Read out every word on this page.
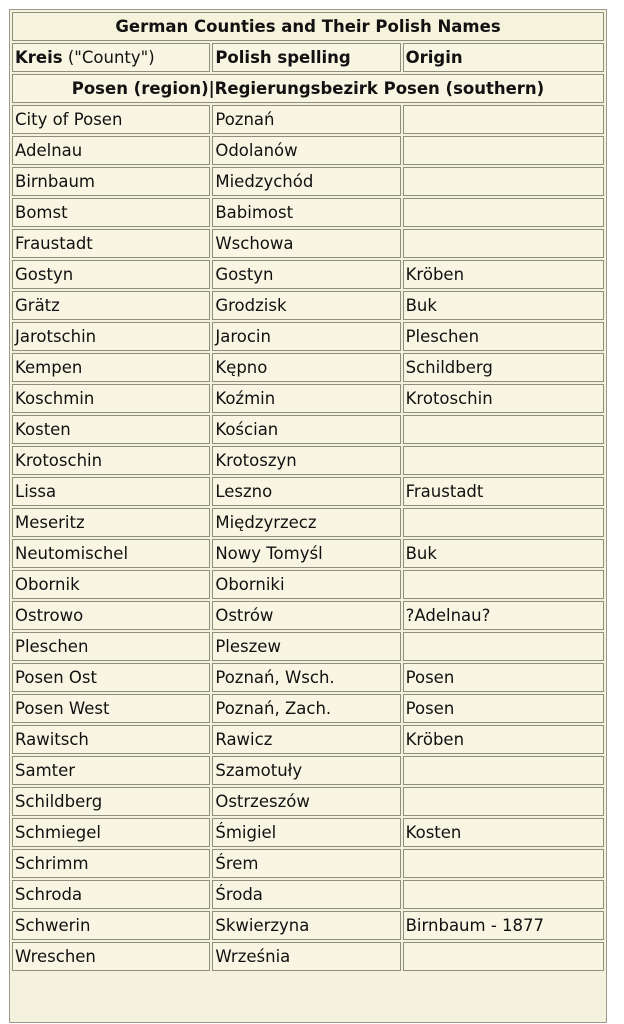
German Counties and Their Polish Names		
Kreis ("County")	Polish spelling	Origin
Posen (region)|Regierungsbezirk Posen (southern)		
City of Posen	Poznań	
Adelnau	Odolanów	
Birnbaum	Miedzychód	
Bomst	Babimost	
Fraustadt	Wschowa	
Gostyn	Gostyn	Kröben
Grätz	Grodzisk	Buk
Jarotschin	Jarocin	Pleschen
Kempen	Kępno	Schildberg
Koschmin	Koźmin	Krotoschin
Kosten	Kościan	
Krotoschin	Krotoszyn	
Lissa	Leszno	Fraustadt
Meseritz	Międzyrzecz	
Neutomischel	Nowy Tomyśl	Buk
Obornik	Oborniki	
Ostrowo	Ostrów	?Adelnau?
Pleschen	Pleszew	
Posen Ost	Poznań, Wsch.	Posen
Posen West	Poznań, Zach.	Posen
Rawitsch	Rawicz	Kröben
Samter	Szamotuły	
Schildberg	Ostrzeszów	
Schmiegel	Śmigiel	Kosten
Schrimm	Śrem	
Schroda	Środa	
Schwerin	Skwierzyna	Birnbaum - 1877
Wreschen	Września	
